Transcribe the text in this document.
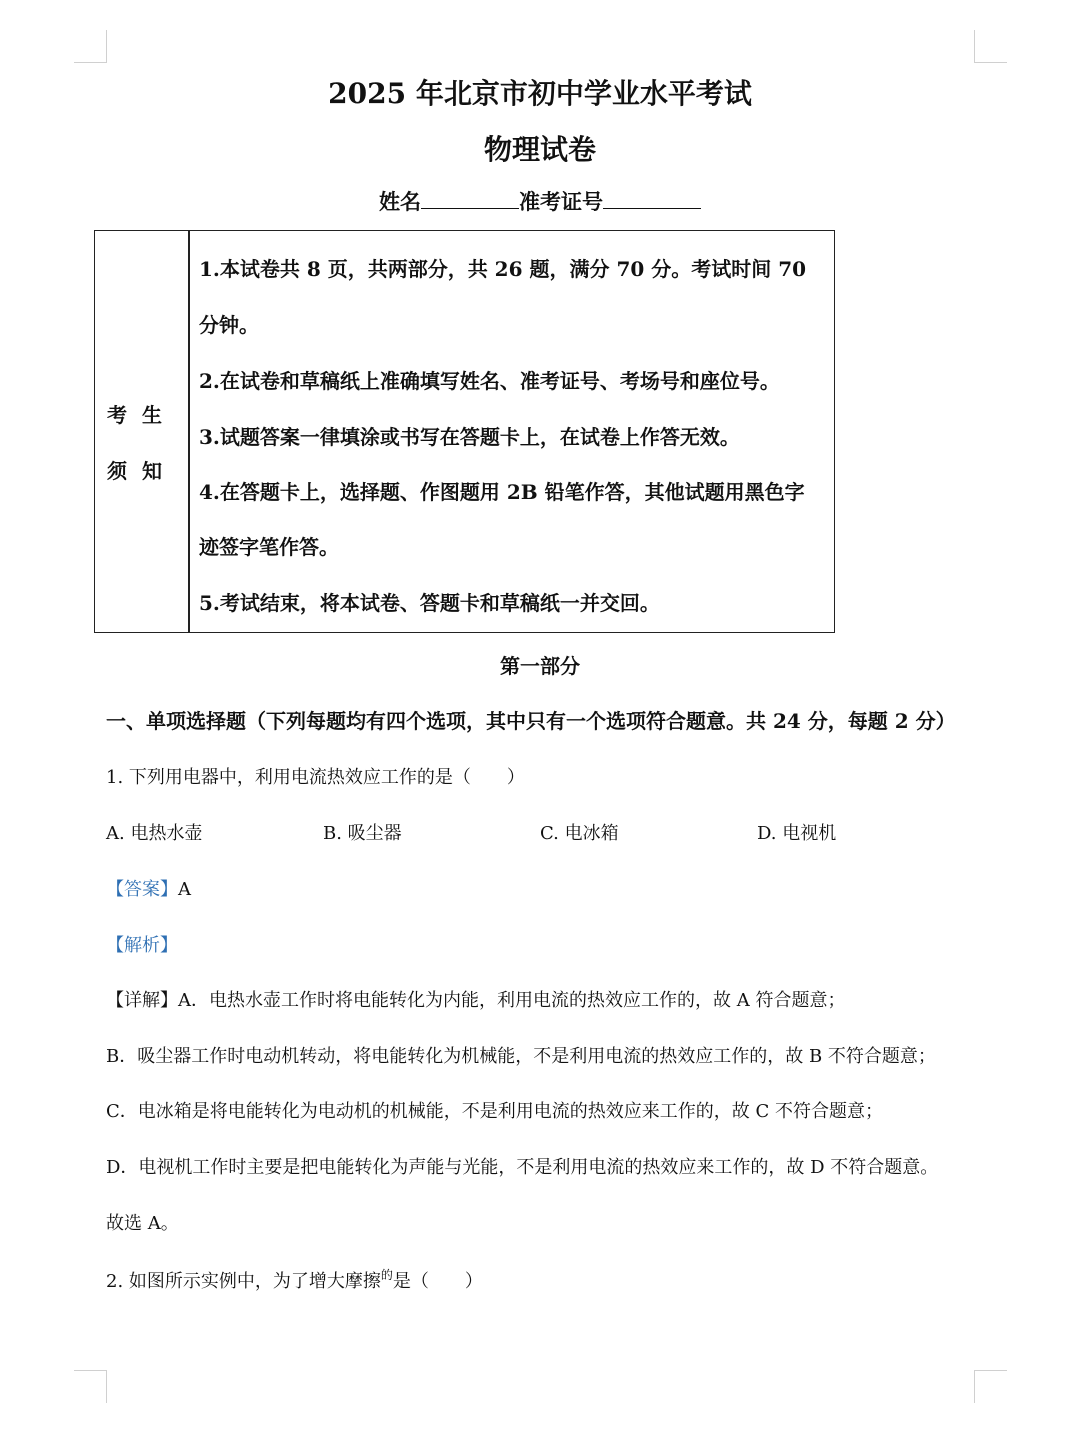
2025 年北京市初中学业水平考试
物理试卷
姓名	准考证号
考 生 须 知
1.本试卷共 8 页，共两部分，共 26 题，满分 70 分。考试时间 70
分钟。
2.在试卷和草稿纸上准确填写姓名、准考证号、考场号和座位号。
3.试题答案一律填涂或书写在答题卡上，在试卷上作答无效。
4.在答题卡上，选择题、作图题用 2B 铅笔作答，其他试题用黑色字
迹签字笔作答。
5.考试结束，将本试卷、答题卡和草稿纸一并交回。
第一部分
一、单项选择题（下列每题均有四个选项，其中只有一个选项符合题意。共 24 分，每题 2 分）
1. 下列用电器中，利用电流热效应工作的是（　　）
A. 电热水壶	B. 吸尘器	C. 电冰箱	D. 电视机
【答案】A
【解析】
【详解】A．电热水壶工作时将电能转化为内能，利用电流的热效应工作的，故 A 符合题意；
B．吸尘器工作时电动机转动，将电能转化为机械能，不是利用电流的热效应工作的，故 B 不符合题意；
C．电冰箱是将电能转化为电动机的机械能，不是利用电流的热效应来工作的，故 C 不符合题意；
D．电视机工作时主要是把电能转化为声能与光能，不是利用电流的热效应来工作的，故 D 不符合题意。
故选 A。
2. 如图所示实例中，为了增大摩擦$^的$是（　　）
